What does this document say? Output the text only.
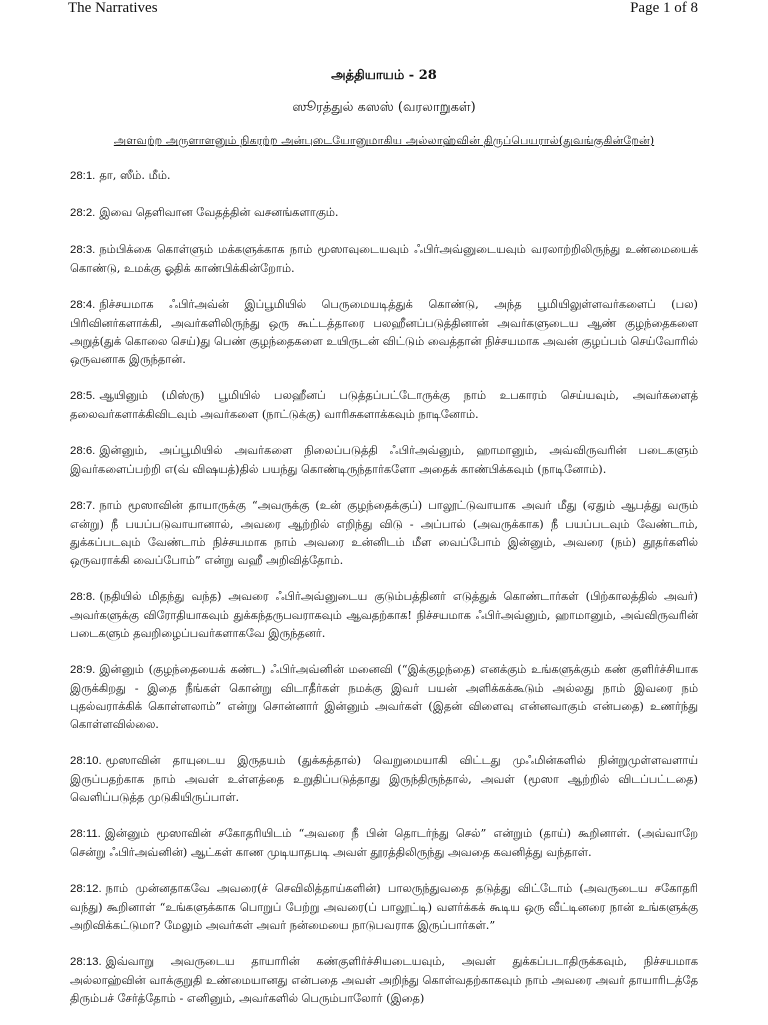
The Narratives	Page 1 of 8
அத்தியாயம் - 28
ஸூரத்துல் கஸஸ் (வரலாறுகள்)
அளவற்ற அருளாளனும் நிகரற்ற அன்புடையோனுமாகிய அல்லாஹ்வின் திருப்பெயரால்(துவங்குகின்றேன்)

28:1. தா, ஸீம். மீம்.

28:2. இவை தெளிவான வேதத்தின் வசனங்களாகும்.

28:3. நம்பிக்கை கொள்ளும் மக்களுக்காக நாம் மூஸாவுடையவும் ஃபிர்அவ்னுடையவும் வரலாற்றிலிருந்து உண்மையைக் கொண்டு, உமக்கு ஓதிக் காண்பிக்கின்றோம்.

28:4. நிச்சயமாக ஃபிர்அவ்ன் இப்பூமியில் பெருமையடித்துக் கொண்டு, அந்த பூமியிலுள்ளவர்களைப் (பல) பிரிவினர்களாக்கி, அவர்களிலிருந்து ஒரு கூட்டத்தாரை பலஹீனப்படுத்தினான் அவர்களுடைய ஆண் குழந்தைகளை அறுத்(துக் கொலை செய்)து பெண் குழந்தைகளை உயிருடன் விட்டும் வைத்தான் நிச்சயமாக அவன் குழப்பம் செய்வோரில் ஒருவனாக இருந்தான்.

28:5. ஆயினும் (மிஸ்ரு) பூமியில் பலஹீனப் படுத்தப்பட்டோருக்கு நாம் உபகாரம் செய்யவும், அவர்களைத் தலைவர்களாக்கிவிடவும் அவர்களை (நாட்டுக்கு) வாரிசுகளாக்கவும் நாடினோம்.

28:6. இன்னும், அப்பூமியில் அவர்களை நிலைப்படுத்தி ஃபிர்அவ்னும், ஹாமானும், அவ்விருவரின் படைகளும் இவர்களைப்பற்றி எ(வ் விஷயத்)தில் பயந்து கொண்டிருந்தார்களோ அதைக் காண்பிக்கவும் (நாடினோம்).

28:7. நாம் மூஸாவின் தாயாருக்கு “அவருக்கு (உன் குழந்தைக்குப்) பாலூட்டுவாயாக அவர் மீது (ஏதும் ஆபத்து வரும் என்று) நீ பயப்படுவாயானால், அவரை ஆற்றில் எறிந்து விடு - அப்பால் (அவருக்காக) நீ பயப்படவும் வேண்டாம், துக்கப்படவும் வேண்டாம் நிச்சயமாக நாம் அவரை உன்னிடம் மீள வைப்போம் இன்னும், அவரை (நம்) தூதர்களில் ஒருவராக்கி வைப்போம்” என்று வஹீ அறிவித்தோம்.

28:8. (நதியில் மிதந்து வந்த) அவரை ஃபிர்அவ்னுடைய குடும்பத்தினர் எடுத்துக் கொண்டார்கள் (பிற்காலத்தில் அவர்) அவர்களுக்கு விரோதியாகவும் துக்கந்தருபவராகவும் ஆவதற்காக! நிச்சயமாக ஃபிர்அவ்னும், ஹாமானும், அவ்விருவரின் படைகளும் தவறிழைப்பவர்களாகவே இருந்தனர்.

28:9. இன்னும் (குழந்தையைக் கண்ட) ஃபிர்அவ்னின் மனைவி (“இக்குழந்தை) எனக்கும் உங்களுக்கும் கண் குளிர்ச்சியாக இருக்கிறது - இதை நீங்கள் கொன்று விடாதீர்கள் நமக்கு இவர் பயன் அளிக்கக்கூடும் அல்லது நாம் இவரை நம் புதல்வராக்கிக் கொள்ளலாம்” என்று சொன்னார் இன்னும் அவர்கள் (இதன் விளைவு என்னவாகும் என்பதை) உணர்ந்து கொள்ளவில்லை.

28:10. மூஸாவின் தாயுடைய இருதயம் (துக்கத்தால்) வெறுமையாகி விட்டது முஃமின்களில் நின்றுமுள்ளவளாய் இருப்பதற்காக நாம் அவள் உள்ளத்தை உறுதிப்படுத்தாது இருந்திருந்தால், அவள் (மூஸா ஆற்றில் விடப்பட்டதை) வெளிப்படுத்த முடுகியிருப்பாள்.

28:11. இன்னும் மூஸாவின் சகோதரியிடம் “அவரை நீ பின் தொடர்ந்து செல்” என்றும் (தாய்) கூறினாள். (அவ்வாறே சென்று ஃபிர்அவ்னின்) ஆட்கள் காண முடியாதபடி அவள் தூரத்திலிருந்து அவதை கவனித்து வந்தாள்.

28:12. நாம் முன்னதாகவே அவரை(ச் செவிலித்தாய்களின்) பாலருந்துவதை தடுத்து விட்டோம் (அவருடைய சகோதரி வந்து) கூறினாள் “உங்களுக்காக பொறுப் பேற்று அவரை(ப் பாலூட்டி) வளர்க்கக் கூடிய ஒரு வீட்டினரை நான் உங்களுக்கு அறிவிக்கட்டுமா? மேலும் அவர்கள் அவர் நன்மையை நாடுபவராக இருப்பார்கள்.”

28:13. இவ்வாறு அவருடைய தாயாரின் கண்குளிர்ச்சியடையவும், அவள் துக்கப்படாதிருக்கவும், நிச்சயமாக அல்லாஹ்வின் வாக்குறுதி உண்மையானது என்பதை அவள் அறிந்து கொள்வதற்காகவும் நாம் அவரை அவர் தாயாரிடத்தே திரும்பச் சேர்த்தோம் - எனினும், அவர்களில் பெரும்பாலோர் (இதை)
